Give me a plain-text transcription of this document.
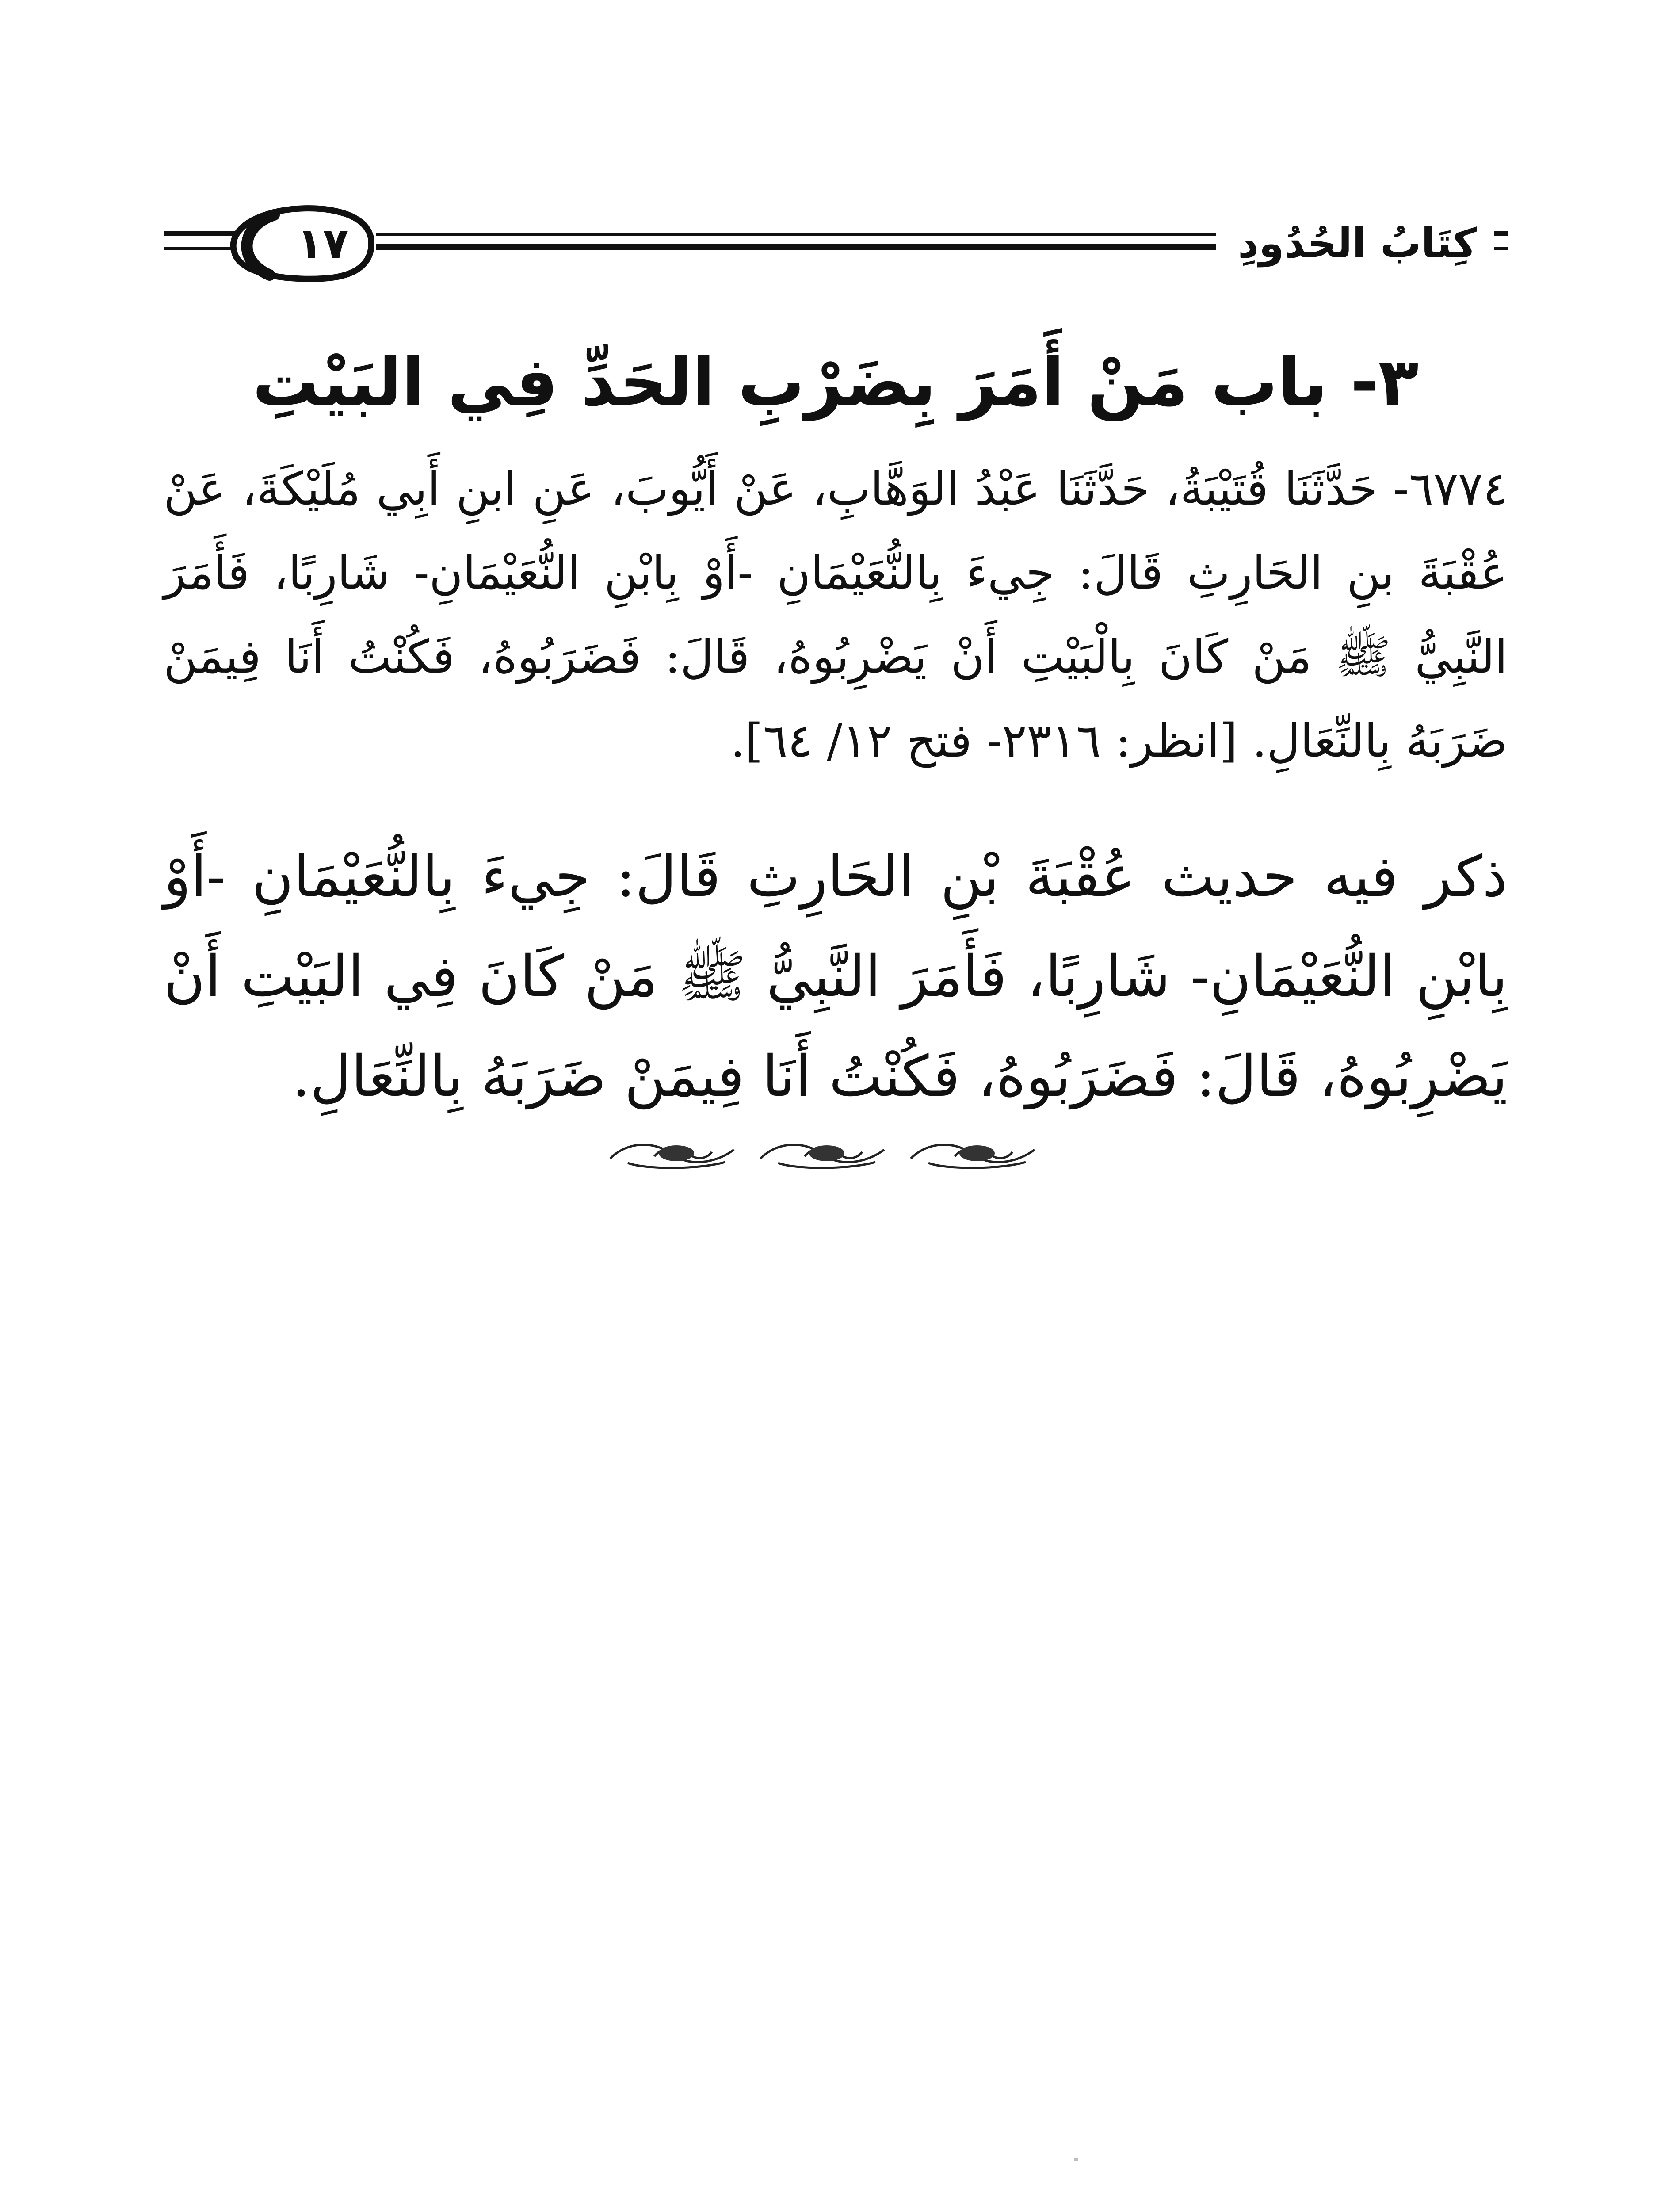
١٧	كِتَابُ الحُدُودِ
٣- باب مَنْ أَمَرَ بِضَرْبِ الحَدِّ فِي البَيْتِ

٦٧٧٤- حَدَّثَنَا قُتَيْبَةُ، حَدَّثَنَا عَبْدُ الوَهَّابِ، عَنْ أَيُّوبَ، عَنِ ابنِ أَبِي مُلَيْكَةَ، عَنْ عُقْبَةَ بنِ الحَارِثِ قَالَ: جِيءَ بِالنُّعَيْمَانِ -أَوْ بِابْنِ النُّعَيْمَانِ- شَارِبًا، فَأَمَرَ النَّبِيُّ ﷺ مَنْ كَانَ بِالْبَيْتِ أَنْ يَضْرِبُوهُ، قَالَ: فَضَرَبُوهُ، فَكُنْتُ أَنَا فِيمَنْ ضَرَبَهُ بِالنِّعَالِ. [انظر: ٢٣١٦- فتح ١٢/ ٦٤].

ذكر فيه حديث عُقْبَةَ بْنِ الحَارِثِ قَالَ: جِيءَ بِالنُّعَيْمَانِ -أَوْ بِابْنِ النُّعَيْمَانِ- شَارِبًا، فَأَمَرَ النَّبِيُّ ﷺ مَنْ كَانَ فِي البَيْتِ أَنْ يَضْرِبُوهُ، قَالَ: فَضَرَبُوهُ، فَكُنْتُ أَنَا فِيمَنْ ضَرَبَهُ بِالنِّعَالِ.
